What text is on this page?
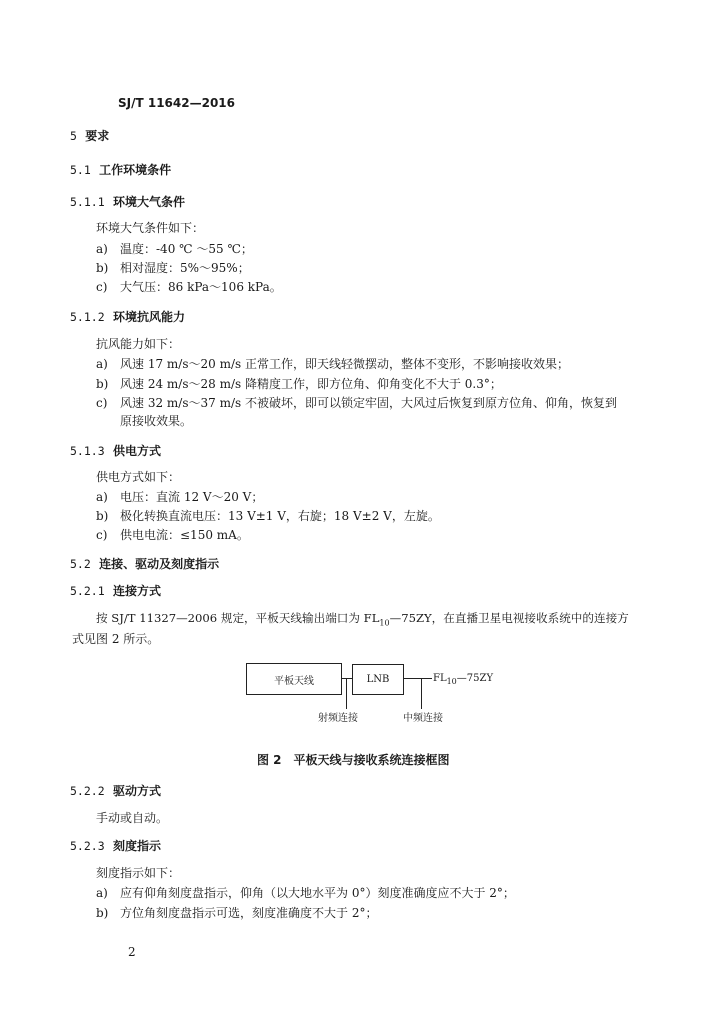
SJ/T 11642—2016
5 要求
5.1 工作环境条件
5.1.1 环境大气条件
环境大气条件如下：
a) 温度：-40 ℃ ～55 ℃；
b) 相对湿度：5%～95%；
c) 大气压：86 kPa～106 kPa。
5.1.2 环境抗风能力
抗风能力如下：
a) 风速 17 m/s～20 m/s 正常工作，即天线轻微摆动，整体不变形，不影响接收效果；
b) 风速 24 m/s～28 m/s 降精度工作，即方位角、仰角变化不大于 0.3°；
c) 风速 32 m/s～37 m/s 不被破坏，即可以锁定牢固，大风过后恢复到原方位角、仰角，恢复到
原接收效果。
5.1.3 供电方式
供电方式如下：
a) 电压：直流 12 V～20 V；
b) 极化转换直流电压：13 V±1 V，右旋；18 V±2 V，左旋。
c) 供电电流：≤150 mA。
5.2 连接、驱动及刻度指示
5.2.1 连接方式
按 SJ/T 11327—2006 规定，平板天线输出端口为 $FL_{10}—75ZY$，在直播卫星电视接收系统中的连接方
式见图 2 所示。
平板天线	LNB	$FL_{10}—75ZY$
射频连接	中频连接
图 2　平板天线与接收系统连接框图
5.2.2 驱动方式
手动或自动。
5.2.3 刻度指示
刻度指示如下：
a) 应有仰角刻度盘指示，仰角（以大地水平为 0°）刻度准确度应不大于 2°；
b) 方位角刻度盘指示可选，刻度准确度不大于 2°；
2
